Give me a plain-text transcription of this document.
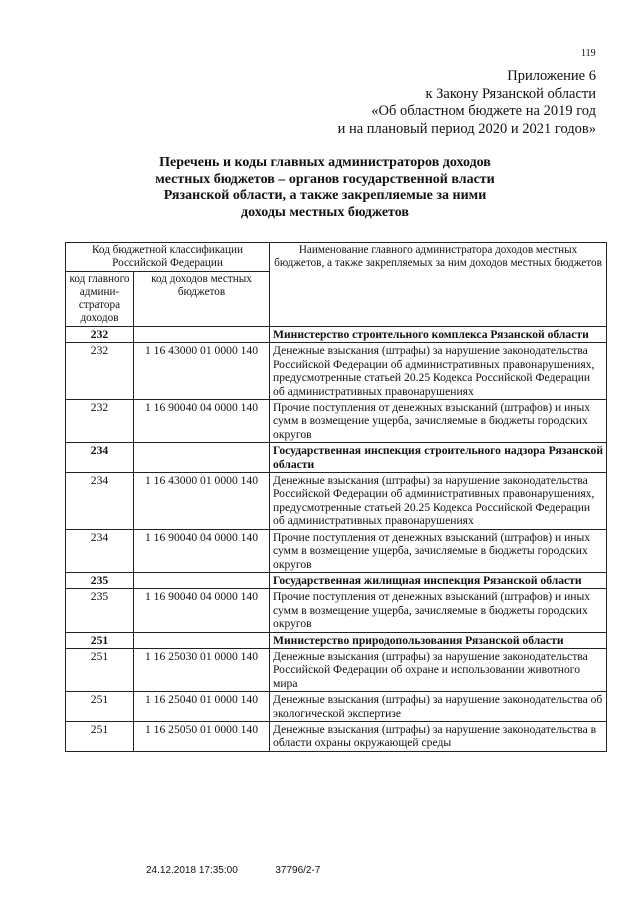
119
Приложение 6
к Закону Рязанской области
«Об областном бюджете на 2019 год
и на плановый период 2020 и 2021 годов»
Перечень и коды главных администраторов доходов
местных бюджетов – органов государственной власти
Рязанской области, а также закрепляемые за ними
доходы местных бюджетов
Код бюджетной классификации Российской Федерации		Наименование главного администратора доходов местных бюджетов, а также закрепляемых за ним доходов местных бюджетов
код главного админи-стратора доходов	код доходов местных бюджетов	
232		Министерство строительного комплекса Рязанской области
232	1 16 43000 01 0000 140	Денежные взыскания (штрафы) за нарушение законодательства Российской Федерации об административных правонарушениях, предусмотренные статьей 20.25 Кодекса Российской Федерации об административных правонарушениях
232	1 16 90040 04 0000 140	Прочие поступления от денежных взысканий (штрафов) и иных сумм в возмещение ущерба, зачисляемые в бюджеты городских округов
234		Государственная инспекция строительного надзора Рязанской области
234	1 16 43000 01 0000 140	Денежные взыскания (штрафы) за нарушение законодательства Российской Федерации об административных правонарушениях, предусмотренные статьей 20.25 Кодекса Российской Федерации об административных правонарушениях
234	1 16 90040 04 0000 140	Прочие поступления от денежных взысканий (штрафов) и иных сумм в возмещение ущерба, зачисляемые в бюджеты городских округов
235		Государственная жилищная инспекция Рязанской области
235	1 16 90040 04 0000 140	Прочие поступления от денежных взысканий (штрафов) и иных сумм в возмещение ущерба, зачисляемые в бюджеты городских округов
251		Министерство природопользования Рязанской области
251	1 16 25030 01 0000 140	Денежные взыскания (штрафы) за нарушение законодательства Российской Федерации об охране и использовании животного мира
251	1 16 25040 01 0000 140	Денежные взыскания (штрафы) за нарушение законодательства об экологической экспертизе
251	1 16 25050 01 0000 140	Денежные взыскания (штрафы) за нарушение законодательства в области охраны окружающей среды
24.12.2018 17:35:00	37796/2-7
